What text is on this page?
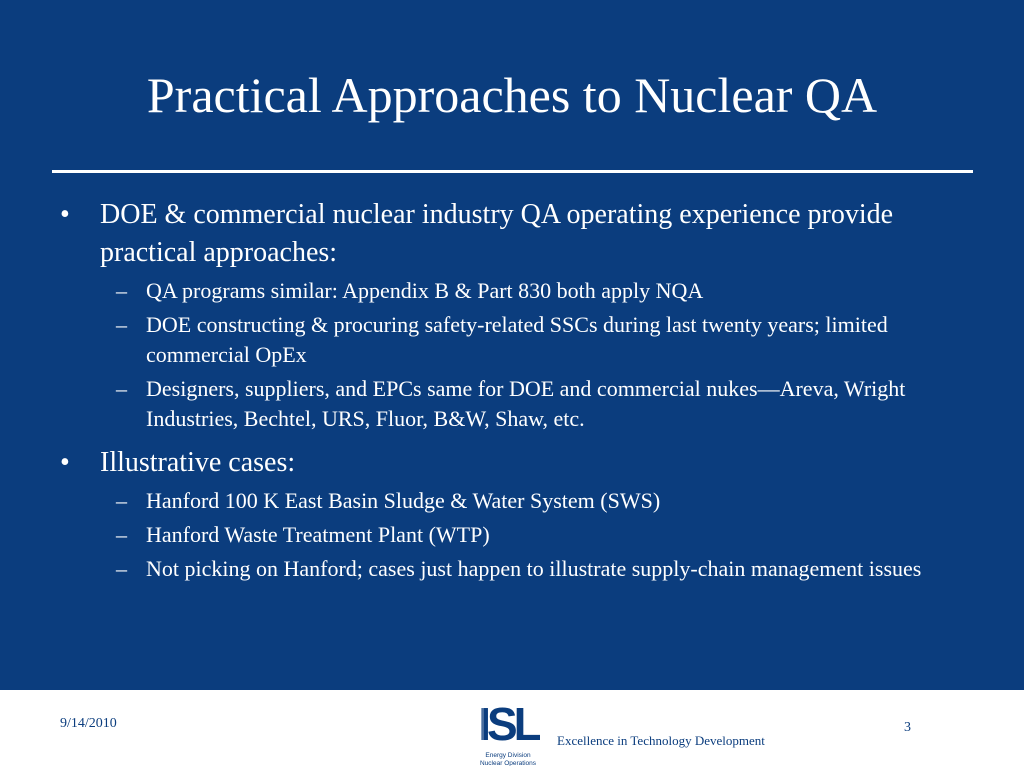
Practical Approaches to Nuclear QA
• DOE & commercial nuclear industry QA operating experience provide practical approaches:
– QA programs similar: Appendix B & Part 830 both apply NQA
– DOE constructing & procuring safety-related SSCs during last twenty years; limited commercial OpEx
– Designers, suppliers, and EPCs same for DOE and commercial nukes—Areva, Wright Industries, Bechtel, URS, Fluor, B&W, Shaw, etc.
• Illustrative cases:
– Hanford 100 K East Basin Sludge & Water System (SWS)
– Hanford Waste Treatment Plant (WTP)
– Not picking on Hanford; cases just happen to illustrate supply-chain management issues
9/14/2010	ISL
Energy Division
Nuclear Operations
Excellence in Technology Development
3
